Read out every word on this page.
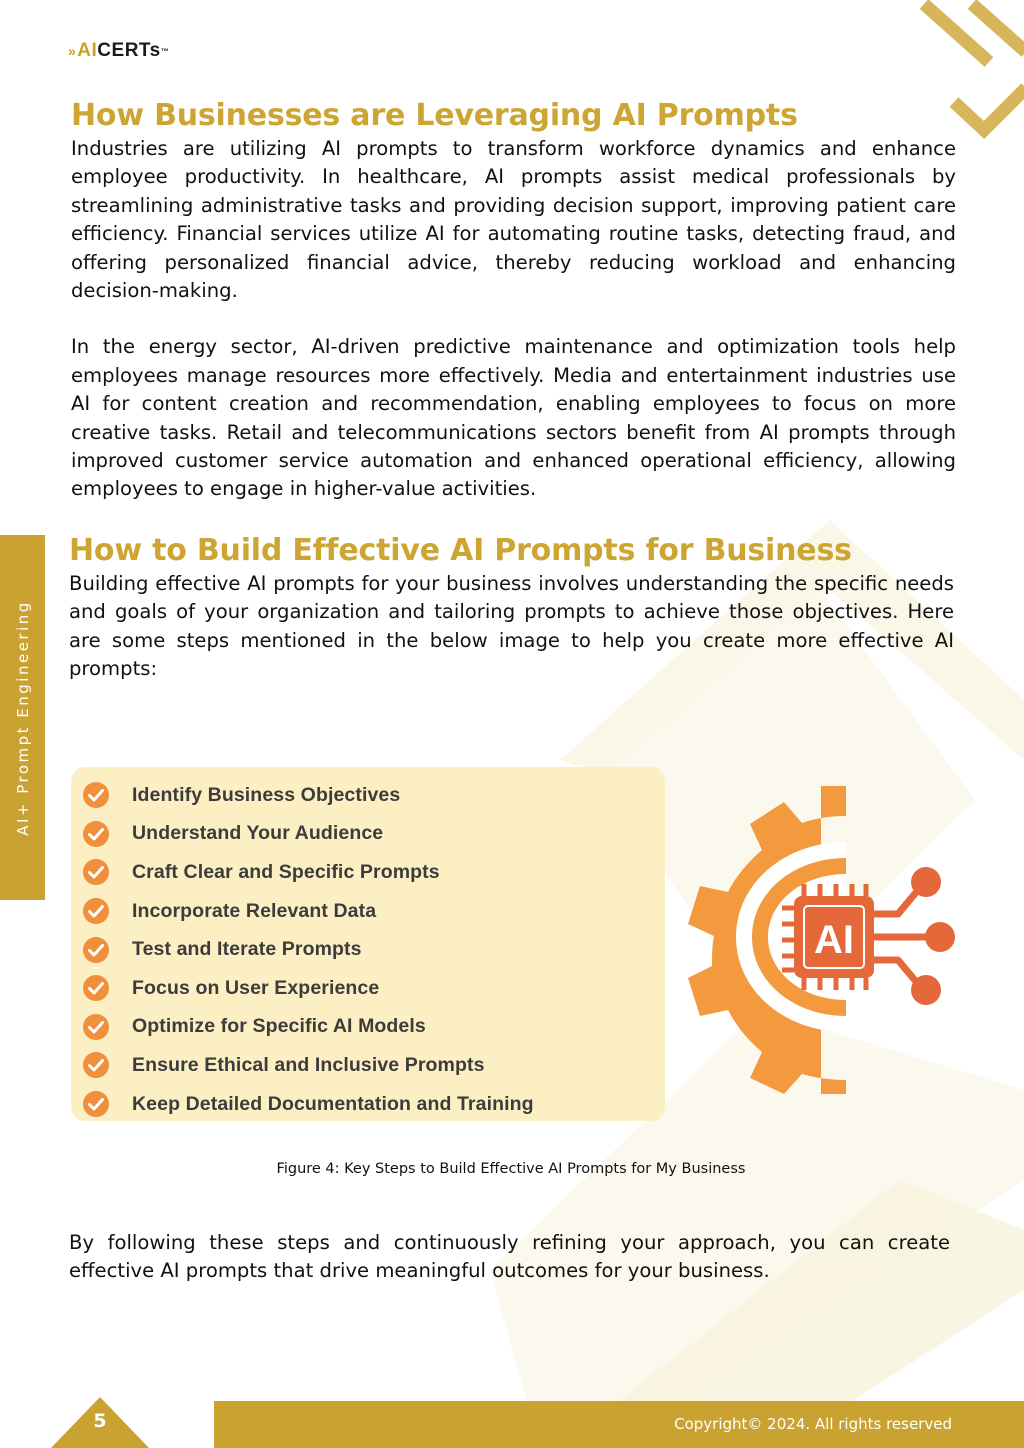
» AI CERTs ™
AI+ Prompt Engineering
How Businesses are Leveraging AI Prompts

Industries are utilizing AI prompts to transform workforce dynamics and enhance employee productivity. In healthcare, AI prompts assist medical professionals by streamlining administrative tasks and providing decision support, improving patient care efficiency. Financial services utilize AI for automating routine tasks, detecting fraud, and offering personalized financial advice, thereby reducing workload and enhancing decision-making.

In the energy sector, AI-driven predictive maintenance and optimization tools help employees manage resources more effectively. Media and entertainment industries use AI for content creation and recommendation, enabling employees to focus on more creative tasks. Retail and telecommunications sectors benefit from AI prompts through improved customer service automation and enhanced operational efficiency, allowing employees to engage in higher-value activities.

How to Build Effective AI Prompts for Business

Building effective AI prompts for your business involves understanding the specific needs and goals of your organization and tailoring prompts to achieve those objectives. Here are some steps mentioned in the below image to help you create more effective AI prompts:

Identify Business Objectives
Understand Your Audience
Craft Clear and Specific Prompts
Incorporate Relevant Data
Test and Iterate Prompts
Focus on User Experience
Optimize for Specific AI Models
Ensure Ethical and Inclusive Prompts
Keep Detailed Documentation and Training
AI
Figure 4: Key Steps to Build Effective AI Prompts for My Business

By following these steps and continuously refining your approach, you can create effective AI prompts that drive meaningful outcomes for your business.

5	Copyright© 2024. All rights reserved
